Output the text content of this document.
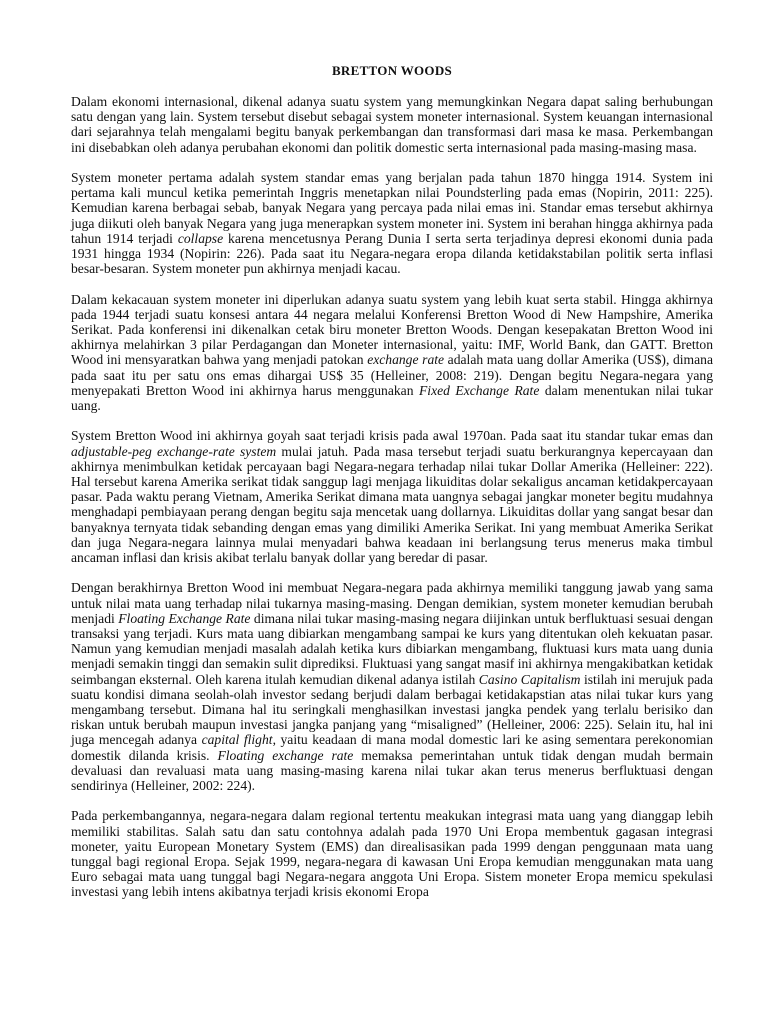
BRETTON WOODS
Dalam ekonomi internasional, dikenal adanya suatu system yang memungkinkan Negara dapat saling berhubungan satu dengan yang lain. System tersebut disebut sebagai system moneter internasional. System keuangan internasional dari sejarahnya telah mengalami begitu banyak perkembangan dan transformasi dari masa ke masa. Perkembangan ini disebabkan oleh adanya perubahan ekonomi dan politik domestic serta internasional pada masing-masing masa.
System moneter pertama adalah system standar emas yang berjalan pada tahun 1870 hingga 1914. System ini pertama kali muncul ketika pemerintah Inggris menetapkan nilai Poundsterling pada emas (Nopirin, 2011: 225). Kemudian karena berbagai sebab, banyak Negara yang percaya pada nilai emas ini. Standar emas tersebut akhirnya juga diikuti oleh banyak Negara yang juga menerapkan system moneter ini. System ini berahan hingga akhirnya pada tahun 1914 terjadi collapse karena mencetusnya Perang Dunia I serta serta terjadinya depresi ekonomi dunia pada 1931 hingga 1934 (Nopirin: 226). Pada saat itu Negara-negara eropa dilanda ketidakstabilan politik serta inflasi besar-besaran. System moneter pun akhirnya menjadi kacau.
Dalam kekacauan system moneter ini diperlukan adanya suatu system yang lebih kuat serta stabil. Hingga akhirnya pada 1944 terjadi suatu konsesi antara 44 negara melalui Konferensi Bretton Wood di New Hampshire, Amerika Serikat. Pada konferensi ini dikenalkan cetak biru moneter Bretton Woods. Dengan kesepakatan Bretton Wood ini akhirnya melahirkan 3 pilar Perdagangan dan Moneter internasional, yaitu: IMF, World Bank, dan GATT. Bretton Wood ini mensyaratkan bahwa yang menjadi patokan exchange rate adalah mata uang dollar Amerika (US$), dimana pada saat itu per satu ons emas dihargai US$ 35 (Helleiner, 2008: 219). Dengan begitu Negara-negara yang menyepakati Bretton Wood ini akhirnya harus menggunakan Fixed Exchange Rate dalam menentukan nilai tukar uang.
System Bretton Wood ini akhirnya goyah saat terjadi krisis pada awal 1970an. Pada saat itu standar tukar emas dan adjustable-peg exchange-rate system mulai jatuh. Pada masa tersebut terjadi suatu berkurangnya kepercayaan dan akhirnya menimbulkan ketidak percayaan bagi Negara-negara terhadap nilai tukar Dollar Amerika (Helleiner: 222). Hal tersebut karena Amerika serikat tidak sanggup lagi menjaga likuiditas dolar sekaligus ancaman ketidakpercayaan pasar. Pada waktu perang Vietnam, Amerika Serikat dimana mata uangnya sebagai jangkar moneter begitu mudahnya menghadapi pembiayaan perang dengan begitu saja mencetak uang dollarnya. Likuiditas dollar yang sangat besar dan banyaknya ternyata tidak sebanding dengan emas yang dimiliki Amerika Serikat. Ini yang membuat Amerika Serikat dan juga Negara-negara lainnya mulai menyadari bahwa keadaan ini berlangsung terus menerus maka timbul ancaman inflasi dan krisis akibat terlalu banyak dollar yang beredar di pasar.
Dengan berakhirnya Bretton Wood ini membuat Negara-negara pada akhirnya memiliki tanggung jawab yang sama untuk nilai mata uang terhadap nilai tukarnya masing-masing. Dengan demikian, system moneter kemudian berubah menjadi Floating Exchange Rate dimana nilai tukar masing-masing negara diijinkan untuk berfluktuasi sesuai dengan transaksi yang terjadi. Kurs mata uang dibiarkan mengambang sampai ke kurs yang ditentukan oleh kekuatan pasar. Namun yang kemudian menjadi masalah adalah ketika kurs dibiarkan mengambang, fluktuasi kurs mata uang dunia menjadi semakin tinggi dan semakin sulit diprediksi. Fluktuasi yang sangat masif ini akhirnya mengakibatkan ketidak seimbangan eksternal. Oleh karena itulah kemudian dikenal adanya istilah Casino Capitalism istilah ini merujuk pada suatu kondisi dimana seolah-olah investor sedang berjudi dalam berbagai ketidakapstian atas nilai tukar kurs yang mengambang tersebut. Dimana hal itu seringkali menghasilkan investasi jangka pendek yang terlalu berisiko dan riskan untuk berubah maupun investasi jangka panjang yang “misaligned” (Helleiner, 2006: 225). Selain itu, hal ini juga mencegah adanya capital flight, yaitu keadaan di mana modal domestic lari ke asing sementara perekonomian domestik dilanda krisis. Floating exchange rate memaksa pemerintahan untuk tidak dengan mudah bermain devaluasi dan revaluasi mata uang masing-masing karena nilai tukar akan terus menerus berfluktuasi dengan sendirinya (Helleiner, 2002: 224).
Pada perkembangannya, negara-negara dalam regional tertentu meakukan integrasi mata uang yang dianggap lebih memiliki stabilitas. Salah satu dan satu contohnya adalah pada 1970 Uni Eropa membentuk gagasan integrasi moneter, yaitu European Monetary System (EMS) dan direalisasikan pada 1999 dengan penggunaan mata uang tunggal bagi regional Eropa. Sejak 1999, negara-negara di kawasan Uni Eropa kemudian menggunakan mata uang Euro sebagai mata uang tunggal bagi Negara-negara anggota Uni Eropa. Sistem moneter Eropa memicu spekulasi investasi yang lebih intens akibatnya terjadi krisis ekonomi Eropa
